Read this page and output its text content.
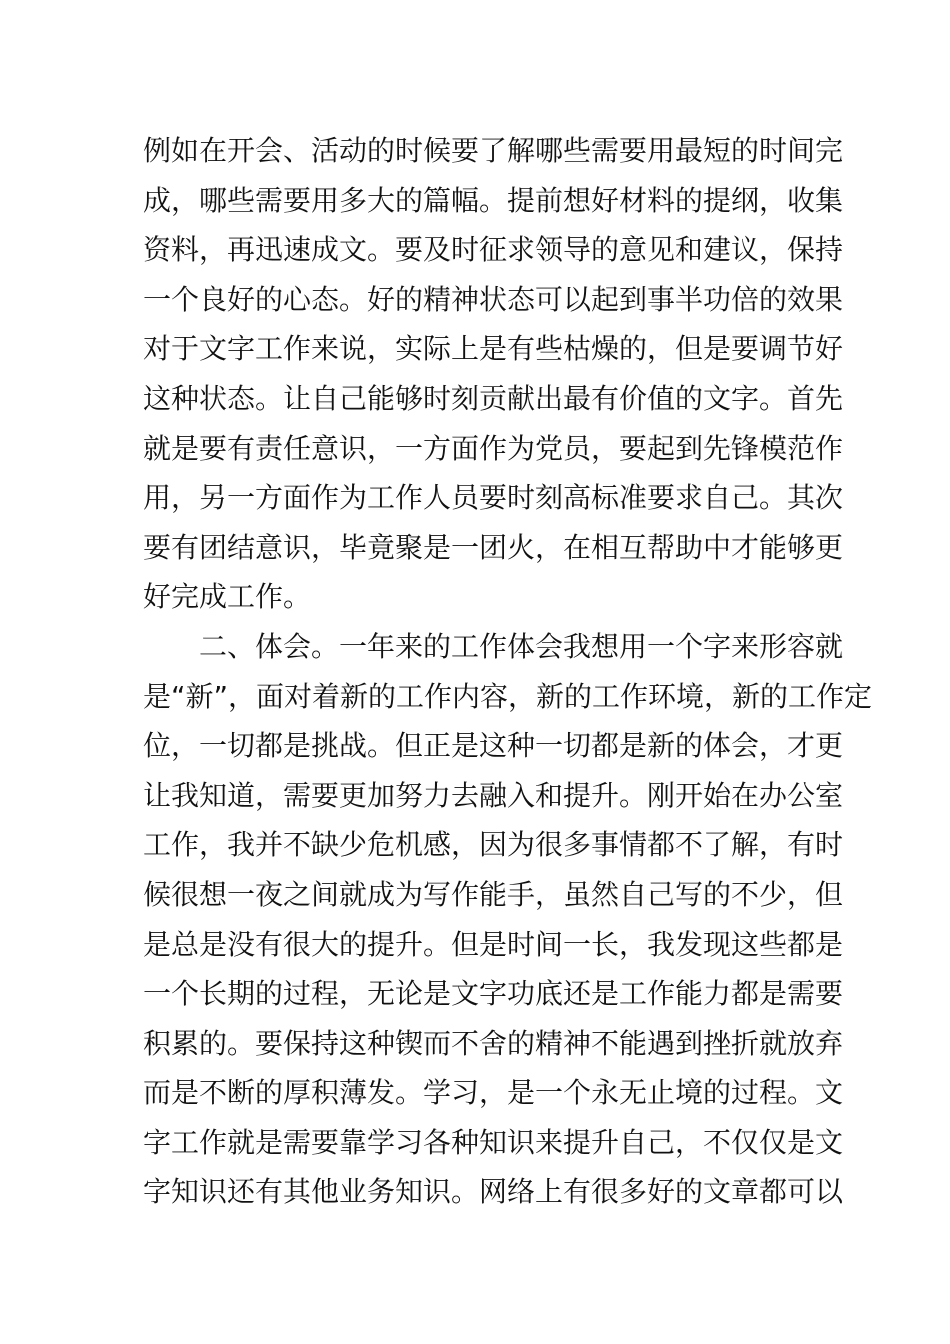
例如在开会、活动的时候要了解哪些需要用最短的时间完
成，哪些需要用多大的篇幅。提前想好材料的提纲，收集
资料，再迅速成文。要及时征求领导的意见和建议，保持
一个良好的心态。好的精神状态可以起到事半功倍的效果
对于文字工作来说，实际上是有些枯燥的，但是要调节好
这种状态。让自己能够时刻贡献出最有价值的文字。首先
就是要有责任意识，一方面作为党员，要起到先锋模范作
用，另一方面作为工作人员要时刻高标准要求自己。其次
要有团结意识，毕竟聚是一团火，在相互帮助中才能够更
好完成工作。
二、体会。一年来的工作体会我想用一个字来形容就
是“新”，面对着新的工作内容，新的工作环境，新的工作定
位，一切都是挑战。但正是这种一切都是新的体会，才更
让我知道，需要更加努力去融入和提升。刚开始在办公室
工作，我并不缺少危机感，因为很多事情都不了解，有时
候很想一夜之间就成为写作能手，虽然自己写的不少，但
是总是没有很大的提升。但是时间一长，我发现这些都是
一个长期的过程，无论是文字功底还是工作能力都是需要
积累的。要保持这种锲而不舍的精神不能遇到挫折就放弃
而是不断的厚积薄发。学习，是一个永无止境的过程。文
字工作就是需要靠学习各种知识来提升自己，不仅仅是文
字知识还有其他业务知识。网络上有很多好的文章都可以
